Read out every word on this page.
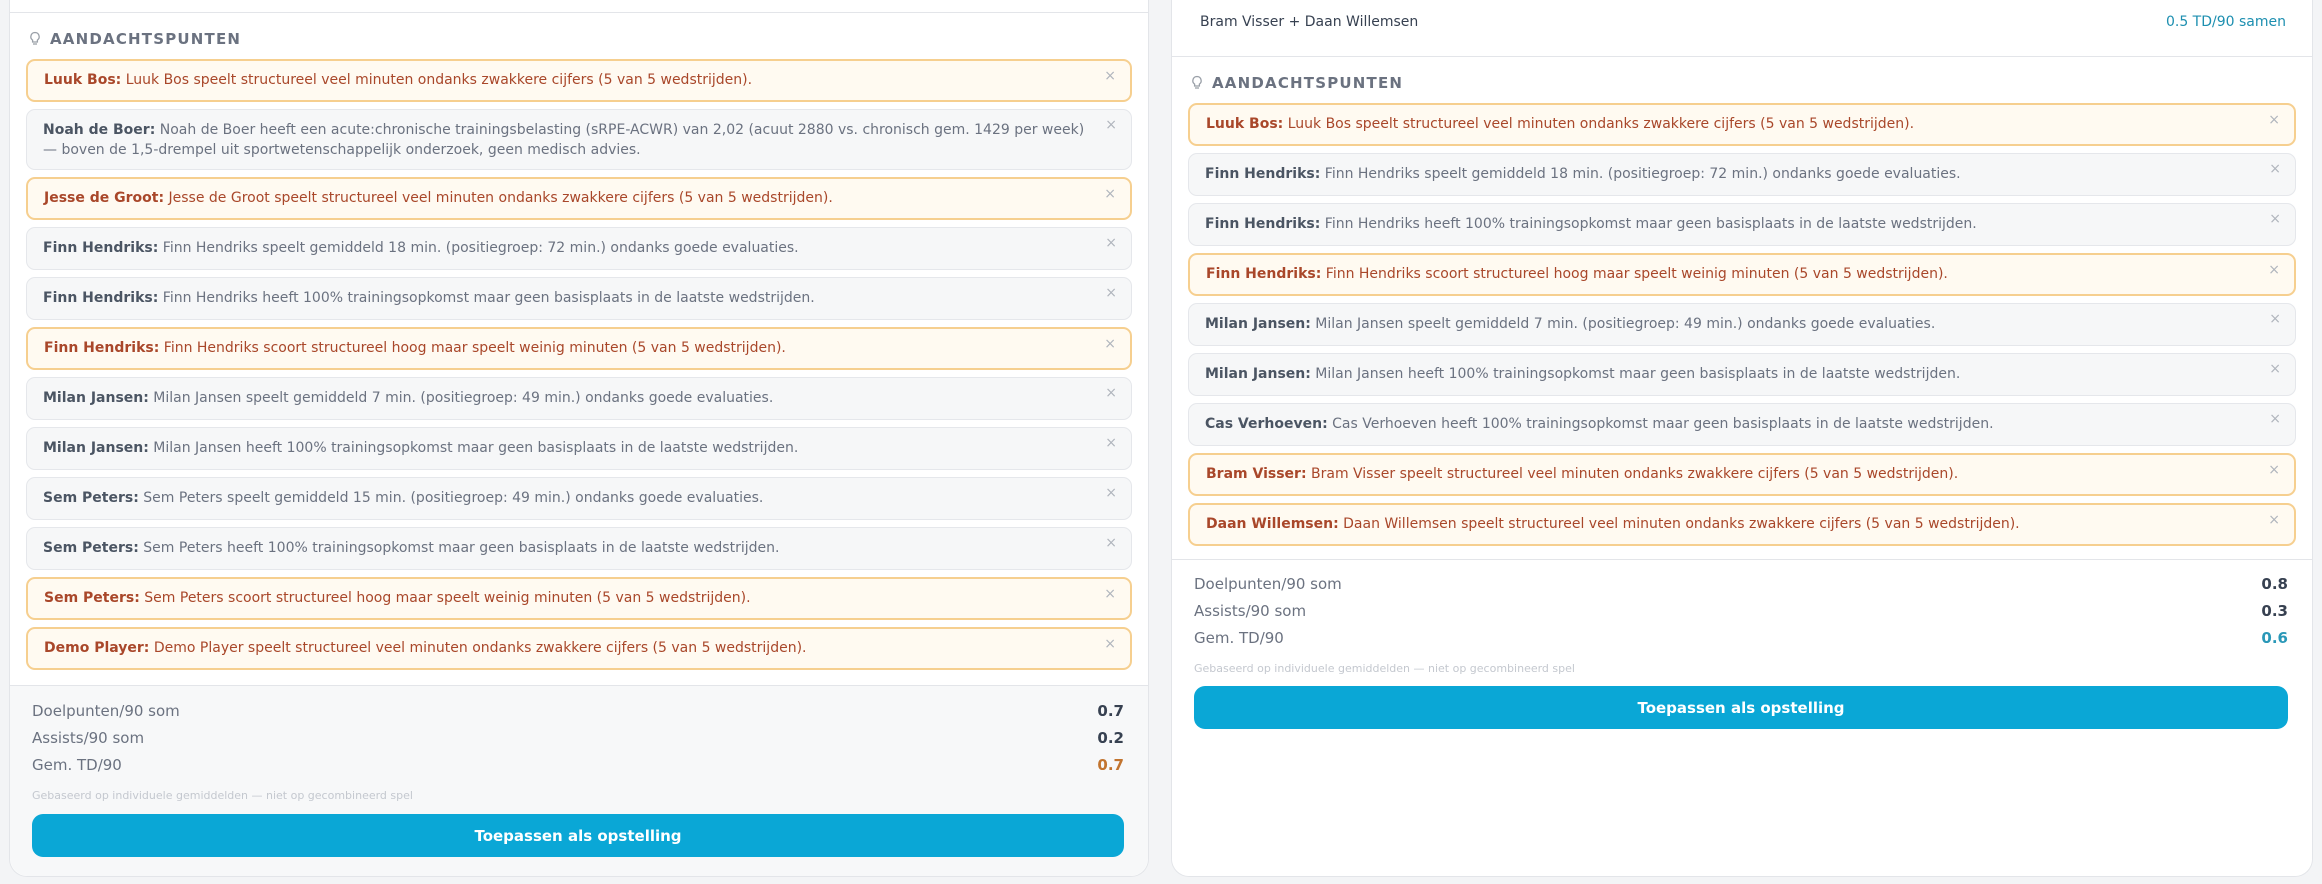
AANDACHTSPUNTEN
Luuk Bos: Luuk Bos speelt structureel veel minuten ondanks zwakkere cijfers (5 van 5 wedstrijden).	×
Noah de Boer: Noah de Boer heeft een acute:chronische trainingsbelasting (sRPE-ACWR) van 2,02 (acuut 2880 vs. chronisch gem. 1429 per week) — boven de 1,5-drempel uit sportwetenschappelijk onderzoek, geen medisch advies.
×
Jesse de Groot: Jesse de Groot speelt structureel veel minuten ondanks zwakkere cijfers (5 van 5 wedstrijden).	×
Finn Hendriks: Finn Hendriks speelt gemiddeld 18 min. (positiegroep: 72 min.) ondanks goede evaluaties.	×
Finn Hendriks: Finn Hendriks heeft 100% trainingsopkomst maar geen basisplaats in de laatste wedstrijden.	×
Finn Hendriks: Finn Hendriks scoort structureel hoog maar speelt weinig minuten (5 van 5 wedstrijden).	×
Milan Jansen: Milan Jansen speelt gemiddeld 7 min. (positiegroep: 49 min.) ondanks goede evaluaties.	×
Milan Jansen: Milan Jansen heeft 100% trainingsopkomst maar geen basisplaats in de laatste wedstrijden.	×
Sem Peters: Sem Peters speelt gemiddeld 15 min. (positiegroep: 49 min.) ondanks goede evaluaties.	×
Sem Peters: Sem Peters heeft 100% trainingsopkomst maar geen basisplaats in de laatste wedstrijden.	×
Sem Peters: Sem Peters scoort structureel hoog maar speelt weinig minuten (5 van 5 wedstrijden).	×
Demo Player: Demo Player speelt structureel veel minuten ondanks zwakkere cijfers (5 van 5 wedstrijden).	×
Doelpunten/90 som	0.7
Assists/90 som	0.2
Gem. TD/90	0.7
Gebaseerd op individuele gemiddelden — niet op gecombineerd spel
Toepassen als opstelling
Bram Visser + Daan Willemsen	0.5 TD/90 samen
AANDACHTSPUNTEN
Luuk Bos: Luuk Bos speelt structureel veel minuten ondanks zwakkere cijfers (5 van 5 wedstrijden).	×
Finn Hendriks: Finn Hendriks speelt gemiddeld 18 min. (positiegroep: 72 min.) ondanks goede evaluaties.	×
Finn Hendriks: Finn Hendriks heeft 100% trainingsopkomst maar geen basisplaats in de laatste wedstrijden.	×
Finn Hendriks: Finn Hendriks scoort structureel hoog maar speelt weinig minuten (5 van 5 wedstrijden).	×
Milan Jansen: Milan Jansen speelt gemiddeld 7 min. (positiegroep: 49 min.) ondanks goede evaluaties.	×
Milan Jansen: Milan Jansen heeft 100% trainingsopkomst maar geen basisplaats in de laatste wedstrijden.	×
Cas Verhoeven: Cas Verhoeven heeft 100% trainingsopkomst maar geen basisplaats in de laatste wedstrijden.	×
Bram Visser: Bram Visser speelt structureel veel minuten ondanks zwakkere cijfers (5 van 5 wedstrijden).	×
Daan Willemsen: Daan Willemsen speelt structureel veel minuten ondanks zwakkere cijfers (5 van 5 wedstrijden).	×
Doelpunten/90 som	0.8
Assists/90 som	0.3
Gem. TD/90	0.6
Gebaseerd op individuele gemiddelden — niet op gecombineerd spel
Toepassen als opstelling
